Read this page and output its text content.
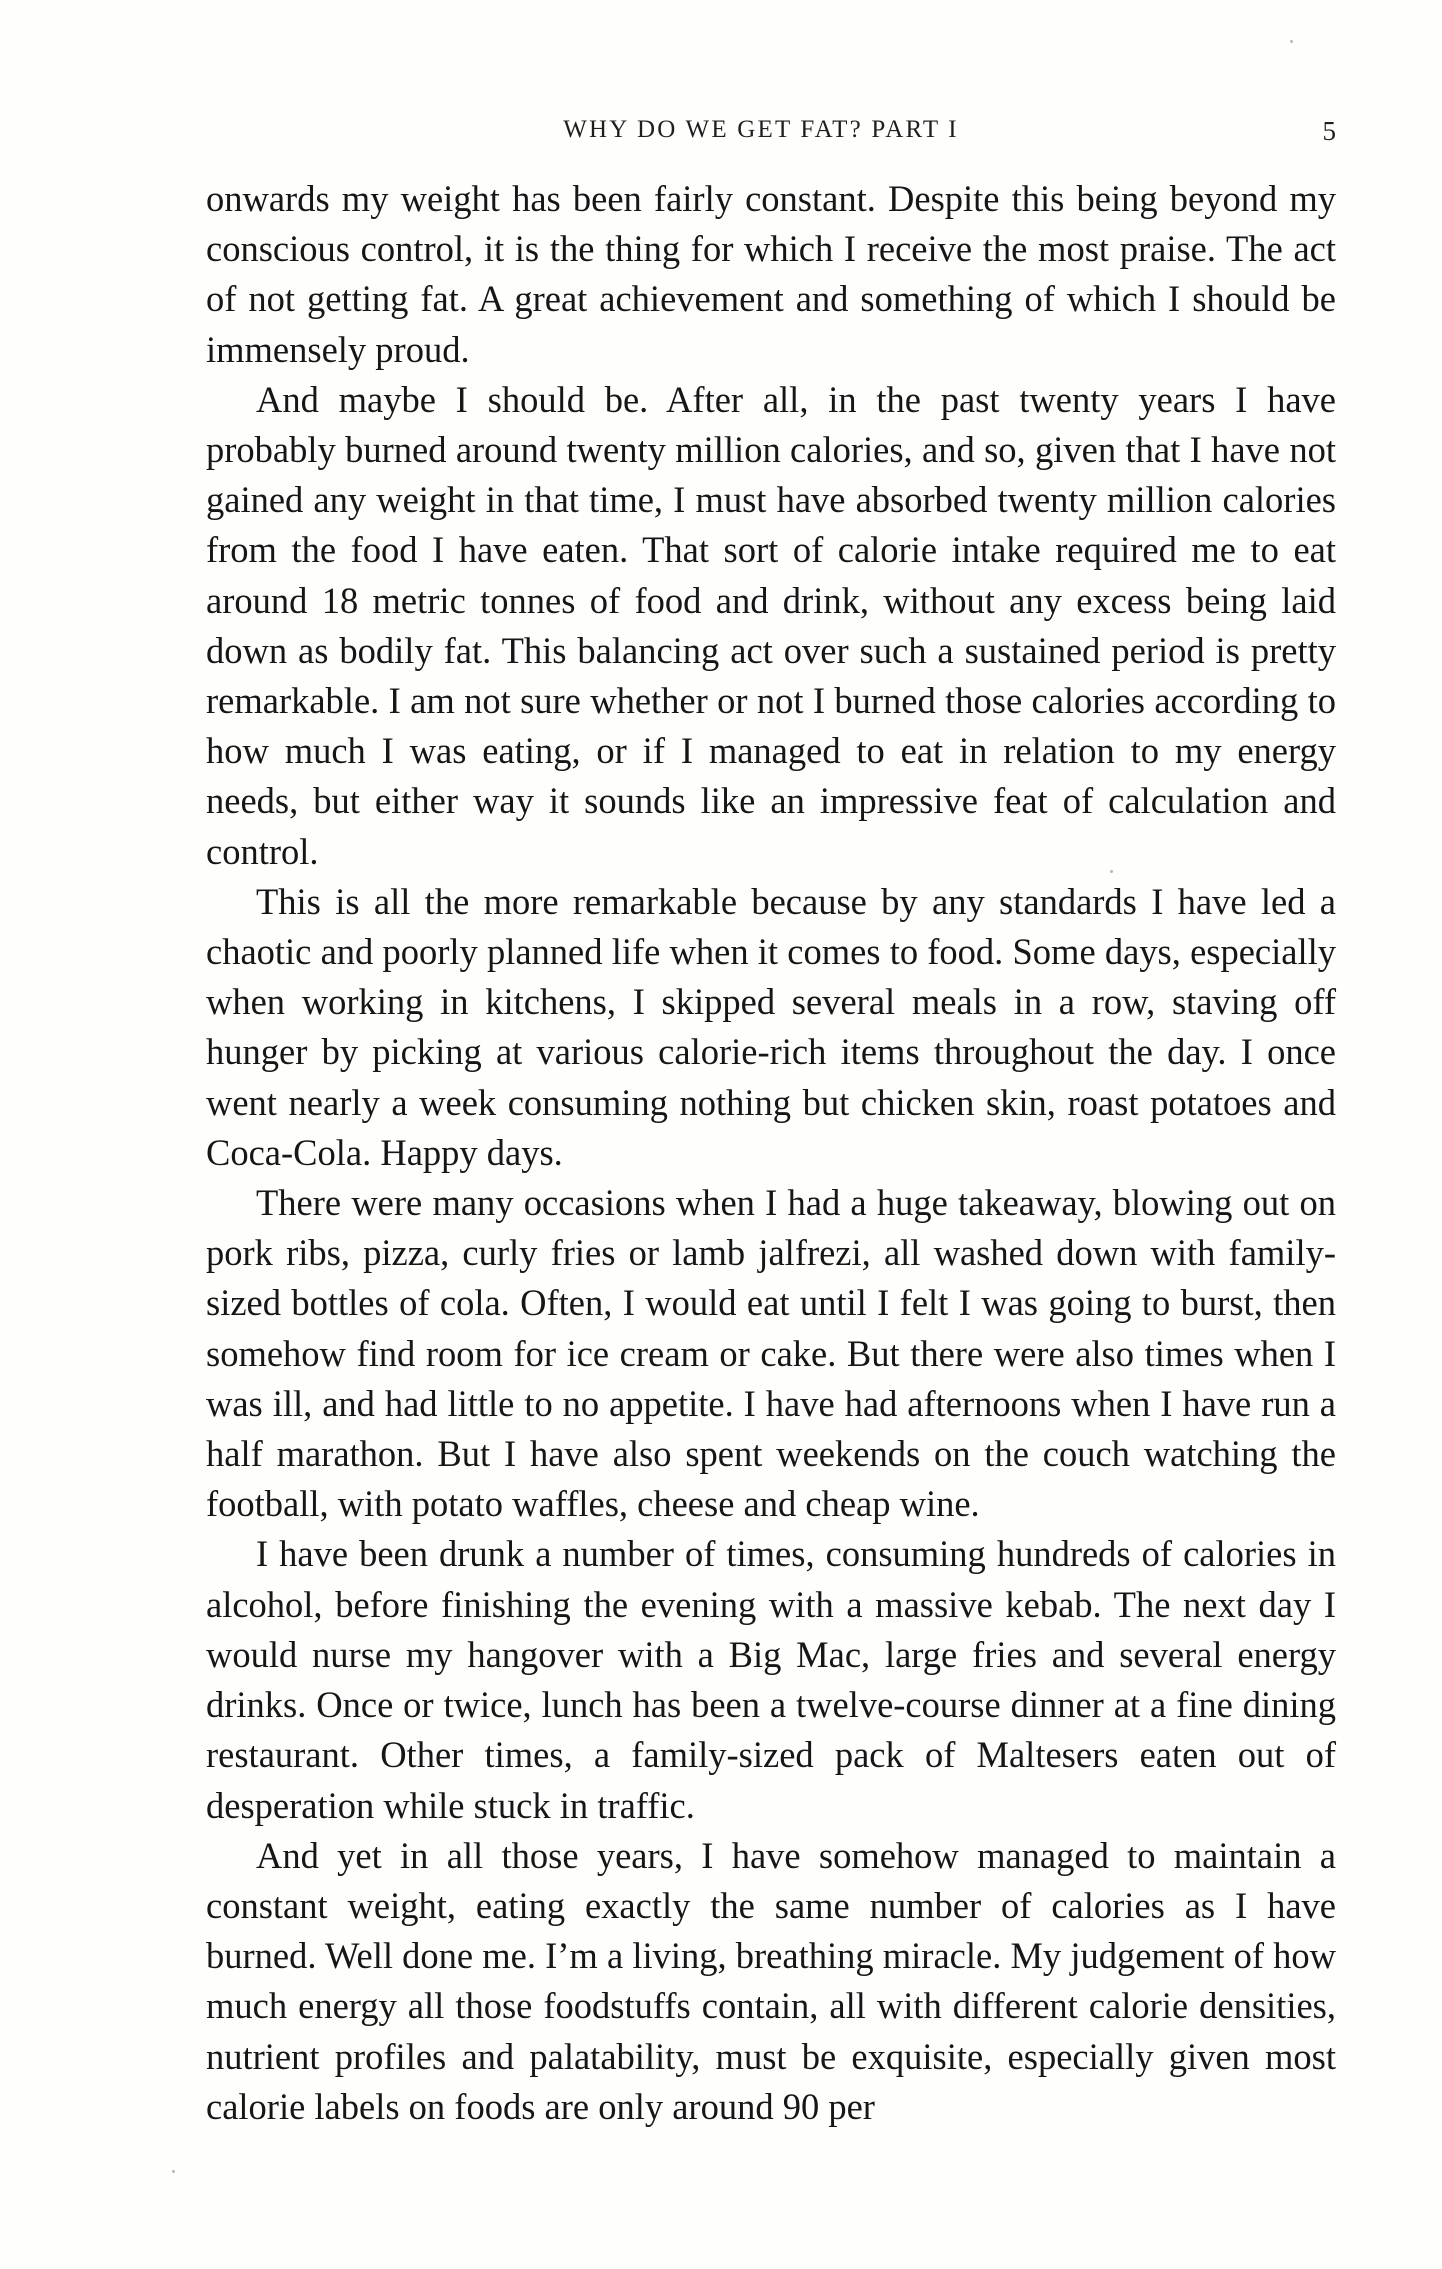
WHY DO WE GET FAT? PART I	5

onwards my weight has been fairly constant. Despite this being beyond my conscious control, it is the thing for which I receive the most praise. The act of not getting fat. A great achievement and something of which I should be immensely proud.

And maybe I should be. After all, in the past twenty years I have probably burned around twenty million calories, and so, given that I have not gained any weight in that time, I must have absorbed twenty million calories from the food I have eaten. That sort of calorie intake required me to eat around 18 metric tonnes of food and drink, without any excess being laid down as bodily fat. This balancing act over such a sustained period is pretty remarkable. I am not sure whether or not I burned those calories according to how much I was eating, or if I managed to eat in relation to my energy needs, but either way it sounds like an impressive feat of calculation and control.

This is all the more remarkable because by any standards I have led a chaotic and poorly planned life when it comes to food. Some days, especially when working in kitchens, I skipped several meals in a row, staving off hunger by picking at various calorie-rich items throughout the day. I once went nearly a week consuming nothing but chicken skin, roast potatoes and Coca-Cola. Happy days.

There were many occasions when I had a huge takeaway, blowing out on pork ribs, pizza, curly fries or lamb jalfrezi, all washed down with family-sized bottles of cola. Often, I would eat until I felt I was going to burst, then somehow find room for ice cream or cake. But there were also times when I was ill, and had little to no appetite. I have had afternoons when I have run a half marathon. But I have also spent weekends on the couch watching the football, with potato waffles, cheese and cheap wine.

I have been drunk a number of times, consuming hundreds of calories in alcohol, before finishing the evening with a massive kebab. The next day I would nurse my hangover with a Big Mac, large fries and several energy drinks. Once or twice, lunch has been a twelve-course dinner at a fine dining restaurant. Other times, a family-sized pack of Maltesers eaten out of desperation while stuck in traffic.

And yet in all those years, I have somehow managed to maintain a constant weight, eating exactly the same number of calories as I have burned. Well done me. I’m a living, breathing miracle. My judgement of how much energy all those foodstuffs contain, all with different calorie densities, nutrient profiles and palatability, must be exquisite, especially given most calorie labels on foods are only around 90 per
